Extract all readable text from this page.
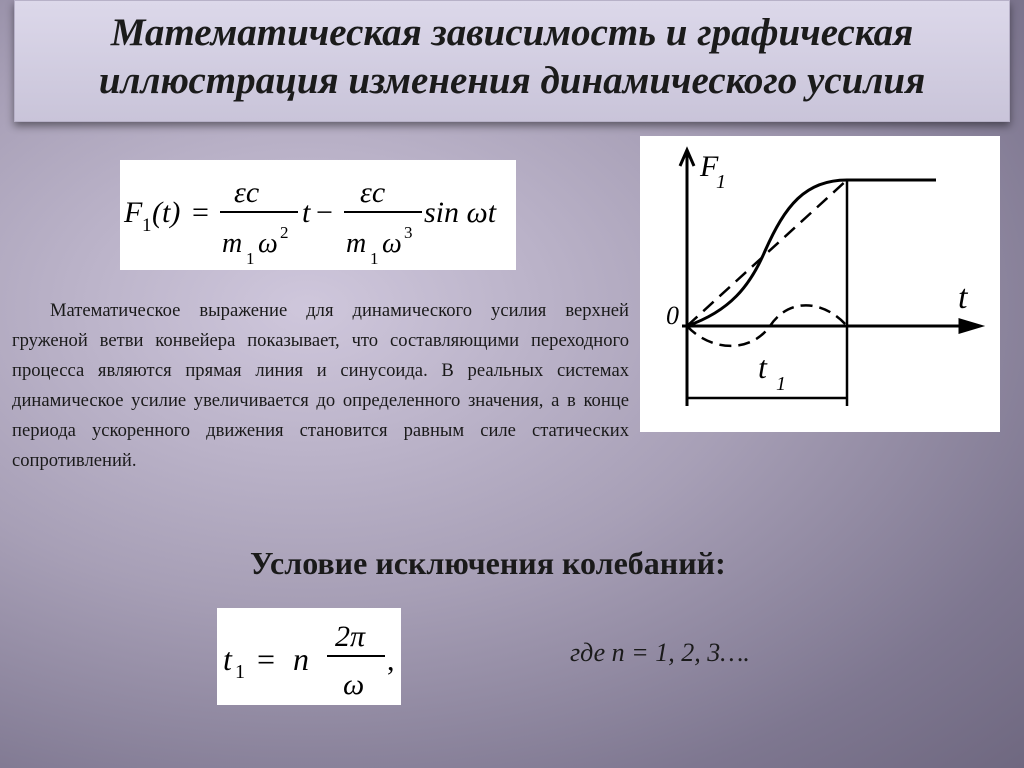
Математическая зависимость и графическая иллюстрация изменения динамического усилия
F 1 (t) =
εc
m 1 ω 2
t −
εc
m 1 ω 3
sin ωt
Математическое выражение для динамического усилия верхней груженой ветви конвейера показывает, что составляющими переходного процесса являются прямая линия и синусоида. В реальных системах динамическое усилие увеличивается до определенного значения, а в конце периода ускоренного движения становится равным силе статических сопротивлений.
F
1
t
0
t 1
Условие исключения колебаний:
t 1 = n
2π
ω
,	где n = 1, 2, 3….
